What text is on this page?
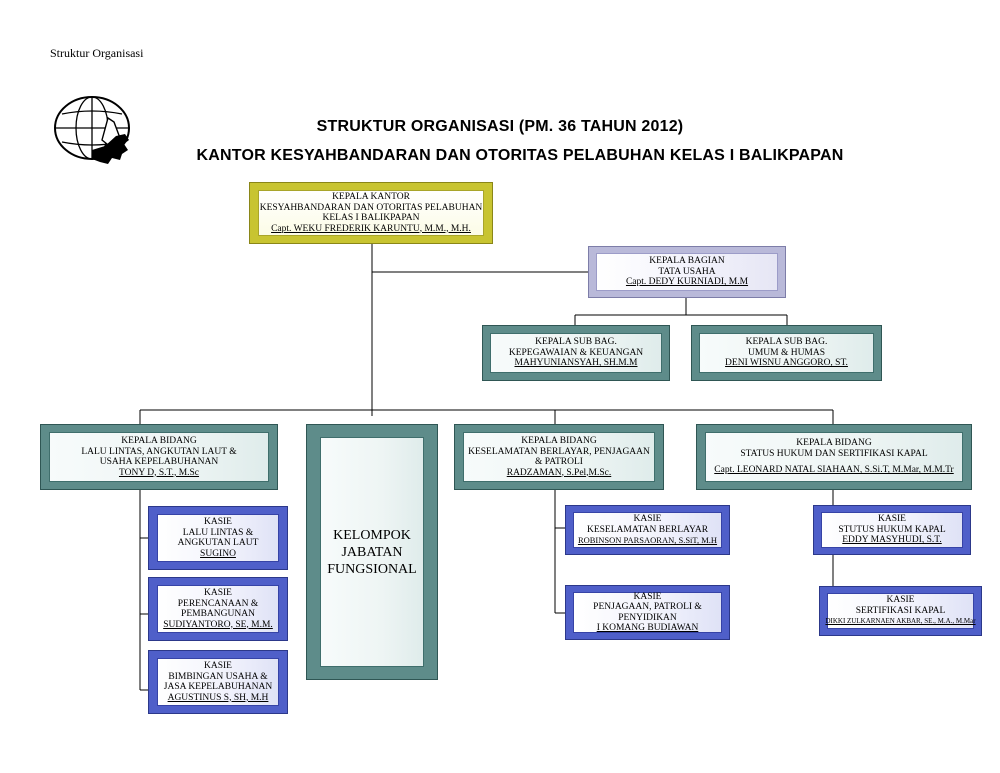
Struktur Organisasi
STRUKTUR ORGANISASI (PM. 36 TAHUN 2012)
KANTOR KESYAHBANDARAN DAN OTORITAS PELABUHAN KELAS I BALIKPAPAN
KEPALA KANTOR
KESYAHBANDARAN DAN OTORITAS PELABUHAN
KELAS I BALIKPAPAN
Capt. WEKU FREDERIK KARUNTU, M.M., M.H.
KEPALA BAGIAN
TATA USAHA
Capt. DEDY KURNIADI, M.M
KEPALA SUB BAG.
KEPEGAWAIAN & KEUANGAN
MAHYUNIANSYAH, SH.M.M
KEPALA SUB BAG.
UMUM & HUMAS
DENI WISNU ANGGORO, ST.
KEPALA BIDANG
LALU LINTAS, ANGKUTAN LAUT &
USAHA KEPELABUHANAN
TONY D, S.T., M.Sc
KELOMPOK
JABATAN
FUNGSIONAL
KEPALA BIDANG
KESELAMATAN BERLAYAR, PENJAGAAN
& PATROLI
RADZAMAN, S.Pel,M.Sc.
KEPALA BIDANG
STATUS HUKUM DAN SERTIFIKASI KAPAL
Capt. LEONARD NATAL SIAHAAN, S.Si.T, M.Mar, M.M.Tr
KASIE
LALU LINTAS &
ANGKUTAN LAUT
SUGINO
KASIE
PERENCANAAN &
PEMBANGUNAN
SUDIYANTORO, SE, M.M.
KASIE
BIMBINGAN USAHA &
JASA KEPELABUHANAN
AGUSTINUS S, SH, M.H
KASIE
KESELAMATAN BERLAYAR
ROBINSON PARSAORAN, S.SiT, M.H
KASIE
PENJAGAAN, PATROLI &
PENYIDIKAN
I KOMANG BUDIAWAN
KASIE
STUTUS HUKUM KAPAL
EDDY MASYHUDI, S.T.
KASIE
SERTIFIKASI KAPAL
DIKKI ZULKARNAEN AKBAR, SE., M.A., M.Mar
